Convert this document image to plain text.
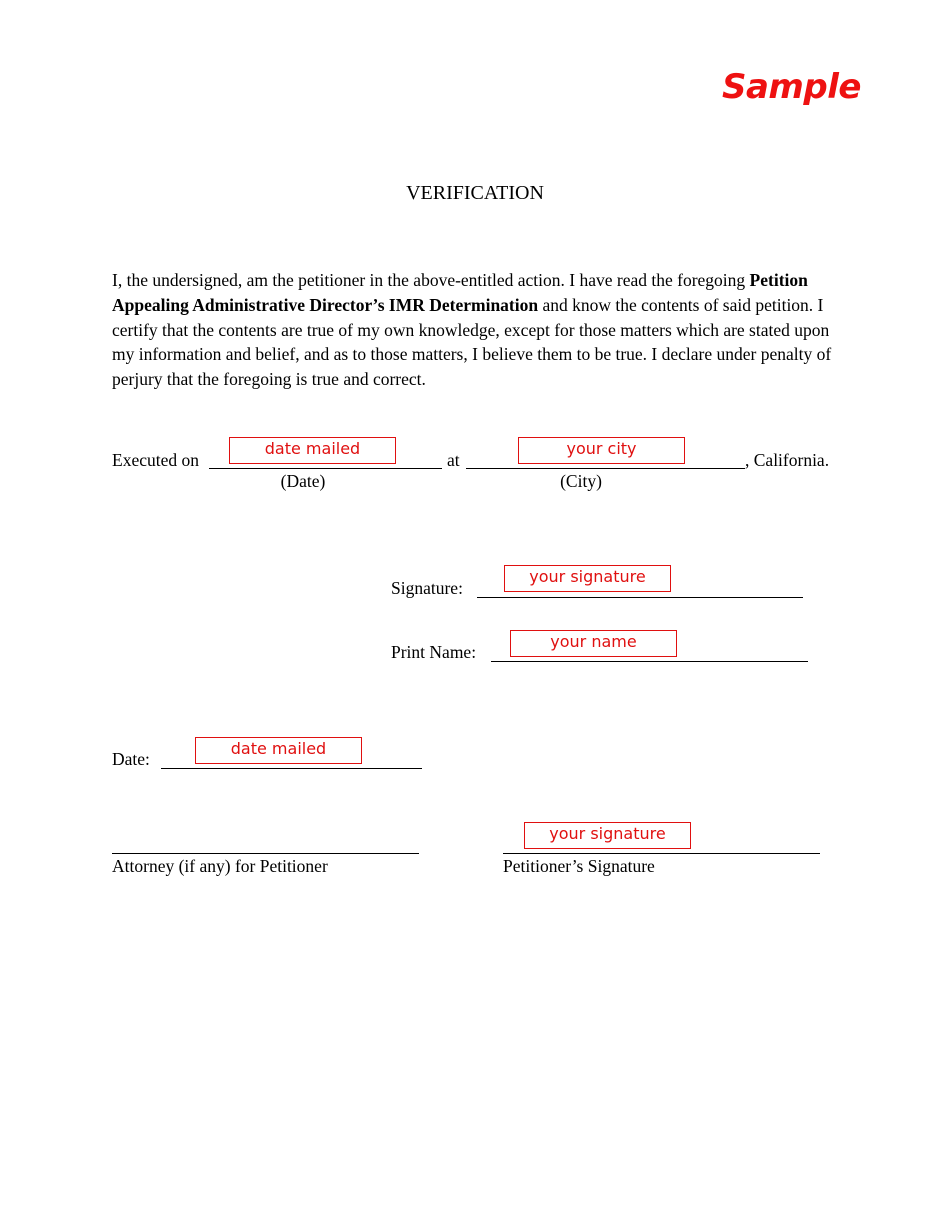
Sample
VERIFICATION
I, the undersigned, am the petitioner in the above-entitled action. I have read the foregoing Petition Appealing Administrative Director’s IMR Determination and know the contents of said petition. I certify that the contents are true of my own knowledge, except for those matters which are stated upon my information and belief, and as to those matters, I believe them to be true. I declare under penalty of perjury that the foregoing is true and correct.
Executed on	at	, California.
(Date)	(City)
date mailed	your city
Signature:
your signature
Print Name:
your name
Date:
date mailed
Attorney (if any) for Petitioner	Petitioner’s Signature
your signature
